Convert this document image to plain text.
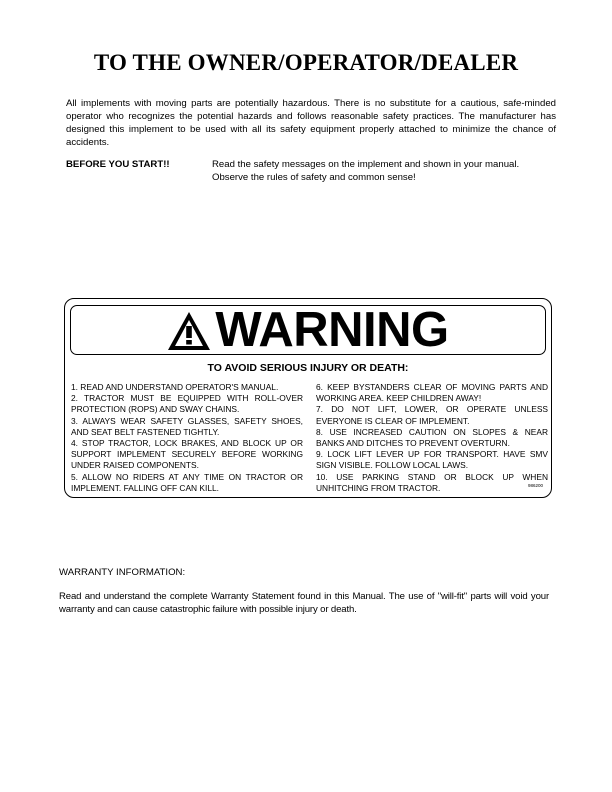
TO THE OWNER/OPERATOR/DEALER

All implements with moving parts are potentially hazardous. There is no substitute for a cautious, safe-minded operator who recognizes the potential hazards and follows reasonable safety practices. The manufacturer has designed this implement to be used with all its safety equipment properly attached to minimize the chance of accidents.

BEFORE YOU START!!	Read the safety messages on the implement and shown in your manual.
Observe the rules of safety and common sense!
WARNING
TO AVOID SERIOUS INJURY OR DEATH:

1. READ AND UNDERSTAND OPERATOR'S MANUAL.

2. TRACTOR MUST BE EQUIPPED WITH ROLL-OVER PROTECTION (ROPS) AND SWAY CHAINS.

3. ALWAYS WEAR SAFETY GLASSES, SAFETY SHOES, AND SEAT BELT FASTENED TIGHTLY.

4. STOP TRACTOR, LOCK BRAKES, AND BLOCK UP OR SUPPORT IMPLEMENT SECURELY BEFORE WORKING UNDER RAISED COMPONENTS.

5. ALLOW NO RIDERS AT ANY TIME ON TRACTOR OR IMPLEMENT. FALLING OFF CAN KILL.

6. KEEP BYSTANDERS CLEAR OF MOVING PARTS AND WORKING AREA. KEEP CHILDREN AWAY!

7. DO NOT LIFT, LOWER, OR OPERATE UNLESS EVERYONE IS CLEAR OF IMPLEMENT.

8. USE INCREASED CAUTION ON SLOPES & NEAR BANKS AND DITCHES TO PREVENT OVERTURN.

9. LOCK LIFT LEVER UP FOR TRANSPORT. HAVE SMV SIGN VISIBLE. FOLLOW LOCAL LAWS.

10. USE PARKING STAND OR BLOCK UP WHEN UNHITCHING FROM TRACTOR.	986200
WARRANTY INFORMATION:

Read and understand the complete Warranty Statement found in this Manual. The use of "will-fit" parts will void your warranty and can cause catastrophic failure with possible injury or death.
